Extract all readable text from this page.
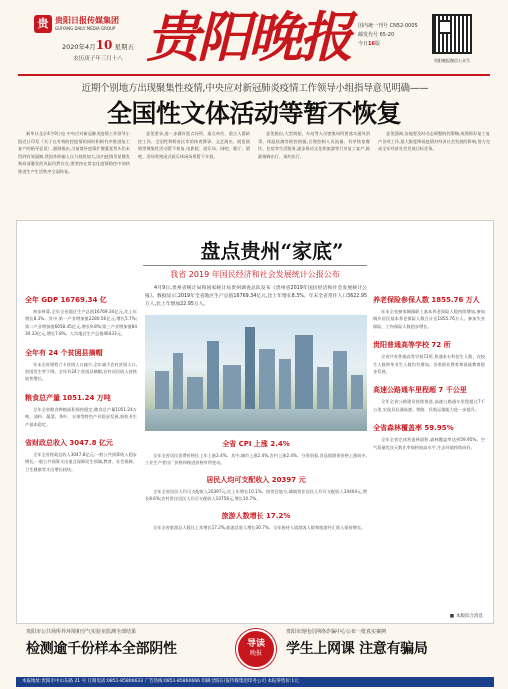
贵 贵阳日报传媒集团
GUIYANG DAILY MEDIA GROUP
2020年4月10 星期五
农历庚子年三月十八 贵阳晚报 国内统一刊号 CN52-0005
邮发代号 65-20
今日16版
贵阳晚报微信公众号
近期个别地方出现聚集性疫情,中央应对新冠肺炎疫情工作领导小组指导意见明确——
全国性文体活动等暂不恢复

新华社北京4月9日电 中央应对新冠肺炎疫情工作领导小组近日印发《关于在有效防控疫情的同时积极有序推进复工复产的指导意见》,强调指出,当前境外疫情扩散蔓延势头仍未得到有效遏制,我国外防输入压力持续加大,国内疫情零星散发和局部暴发的风险仍然存在,要坚持在常态化疫情防控中加快推进生产生活秩序全面恢复。

意见要求,进一步做好重点场所、重点单位、重点人群防控工作。全国性和跨省区市的体育赛事、文艺演出、展览展销等聚集性活动暂不恢复,电影院、游乐场、网吧、歌厅、酒吧、浴场等密闭式娱乐休闲场所暂不开放。

意见指出,大型商超、车站等人员密集场所要落实通风消毒、体温检测等防控措施,合理控制人员流量。有序恢复餐饮、住宿等生活服务,逐步推动文化和旅游等行业复工复产,鼓励错峰出行、预约出行。

意见强调,各地要及时动态调整防控策略,统筹抓好复工复产各项工作,最大限度降低疫情对经济社会发展的影响,努力完成全年经济社会发展目标任务。

盘点贵州“家底”
我省 2019 年国民经济和社会发展统计公报公布
全年 GDP 16769.34 亿

初步核算,全年全省地区生产总值16769.34亿元,比上年增长8.3%。其中,第一产业增加值2280.56亿元,增长5.7%;第二产业增加值6058.45亿元,增长9.8%;第三产业增加值8430.33亿元,增长7.8%。人均地区生产总值46433元。

全年有 24 个贫困县摘帽

年末全省建档立卡贫困人口减少,全年减少农村贫困人口,贫困发生率下降。全年有24个贫困县摘帽,农村居民收入持续较快增长。

粮食总产量 1051.24 万吨

全年全省粮食种植面积保持稳定,粮食总产量1051.24万吨。油料、蔬菜、茶叶、水果等特色产业稳步发展,畜牧业生产基本稳定。

省财政总收入 3047.8 亿元

全年全省财政总收入3047.8亿元,一般公共预算收入稳步增长,一般公共预算支出重点保障民生领域,教育、社会保障、卫生健康等支出增长较快。

4月9日,贵州省统计局和国家统计局贵州调查总队发布《贵州省2019年国民经济和社会发展统计公报》。数据显示,2019年全省地区生产总值16769.34亿元,比上年增长8.3%。年末全省常住人口3622.95万人,比上年增加22.95万人。

全省 CPI 上涨 2.4%

全年全省居民消费价格比上年上涨2.4%。其中,城市上涨2.4%,农村上涨2.4%。分类别看,食品烟酒类价格上涨较多,工业生产者出厂价格和购进价格有所变动。

居民人均可支配收入 20397 元

全年全省居民人均可支配收入20397元,比上年增长10.1%。按常住地分,城镇常住居民人均可支配收入34404元,增长8.6%;农村常住居民人均可支配收入10756元,增长10.7%。

旅游人数增长 17.2%

全年全省旅游总人数比上年增长17.2%,旅游总收入增长30.7%。全年接待入境游客人数和旅游外汇收入保持增长。

养老保险参保人数 1855.76 万人

年末全省参加城镇职工基本养老保险人数持续增加,参加城乡居民基本养老保险人数合计达1855.76万人。参加失业保险、工伤保险人数稳步增长。

贵阳普通高等学校 72 所

全省共有普通高等学校72所,普通本专科招生人数、在校生人数和毕业生人数均有增加。各类职业教育和基础教育稳步发展。

高速公路通车里程超 7 千公里

全年全省公路建设持续推进,高速公路通车里程超过7千公里,实现县县通高速。铁路、民航运输能力进一步提升。

全省森林覆盖率 59.95%

全年全省完成营造林面积,森林覆盖率达到59.95%。空气质量优良天数比率保持较高水平,生态环境持续向好。

■ 本版综合消息
贵阳市公共场所外环境和空气实验室监测全部结果
检测逾千份样本全部阴性	导读
晚报
贵阳市现电信网络诈骗中心公布一批真实案例
学生上网课 注意有骗局
本报地址:贵阳市中山东路 21 号 订阅电话:0851-85806633 广告热线:0851-85860666 印刷:贵阳日报传媒集团印务公司 本报零售价:1元
